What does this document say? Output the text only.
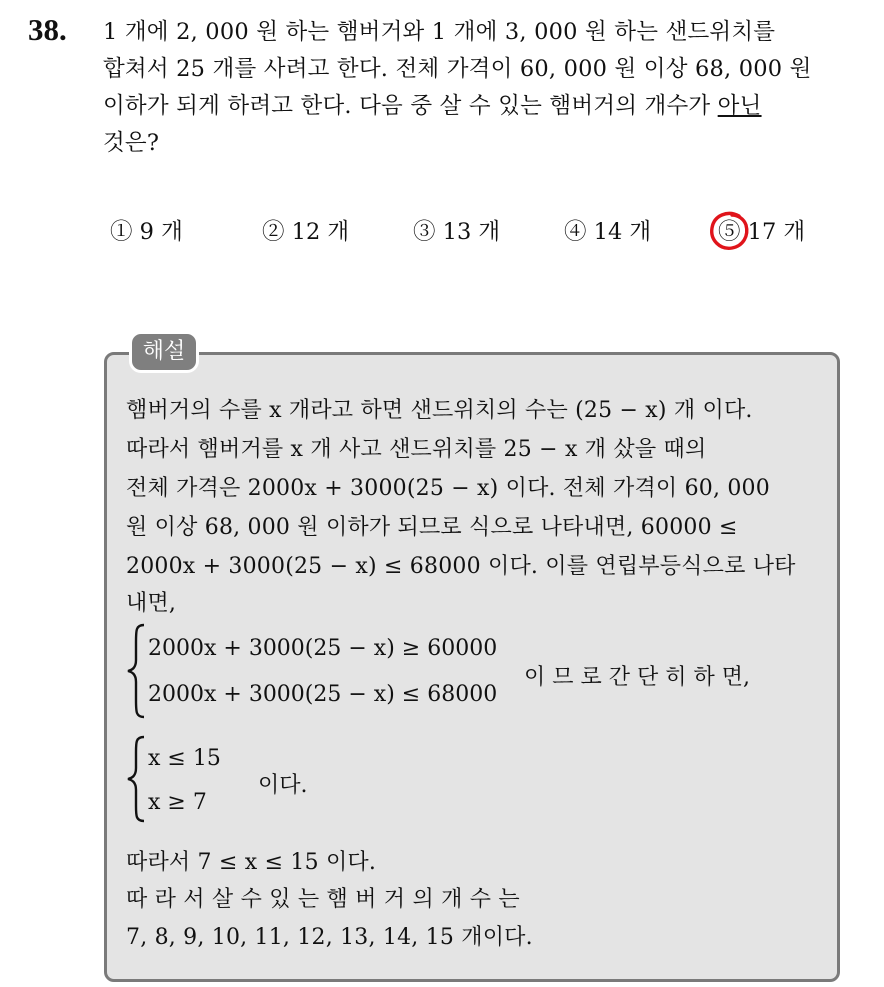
38. 1 개에 2, 000 원 하는 햄버거와 1 개에 3, 000 원 하는 샌드위치를
합쳐서 25 개를 사려고 한다. 전체 가격이 60, 000 원 이상 68, 000 원
이하가 되게 하려고 한다. 다음 중 살 수 있는 햄버거의 개수가 아닌
것은?
① 9 개	② 12 개	③ 13 개	④ 14 개	⑤ 17 개
해설
햄버거의 수를 x 개라고 하면 샌드위치의 수는 (25 − x) 개 이다.
따라서 햄버거를 x 개 사고 샌드위치를 25 − x 개 샀을 때의
전체 가격은 2000x + 3000(25 − x) 이다. 전체 가격이 60, 000
원 이상 68, 000 원 이하가 되므로 식으로 나타내면, 60000 ≤
2000x + 3000(25 − x) ≤ 68000 이다. 이를 연립부등식으로 나타
내면,
2000x + 3000(25 − x) ≥ 60000
2000x + 3000(25 − x) ≤ 68000
이 므 로 간 단 히 하 면,
x ≤ 15
x ≥ 7
이다.
따라서 7 ≤ x ≤ 15 이다.
따 라 서 살 수 있 는 햄 버 거 의 개 수 는
7, 8, 9, 10, 11, 12, 13, 14, 15 개이다.
